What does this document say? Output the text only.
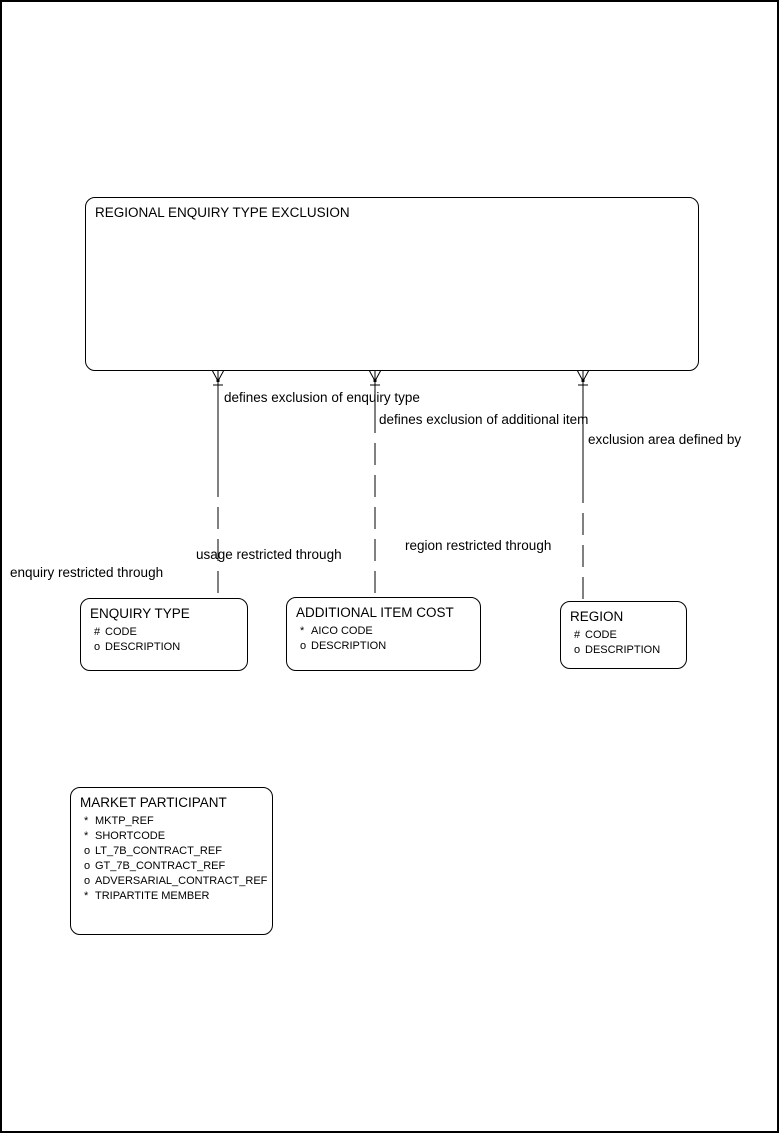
REGIONAL ENQUIRY TYPE EXCLUSION
ENQUIRY TYPE
# CODE
o DESCRIPTION
ADDITIONAL ITEM COST
* AICO CODE
o DESCRIPTION
REGION
# CODE
o DESCRIPTION
MARKET PARTICIPANT
* MKTP_REF
* SHORTCODE
o LT_7B_CONTRACT_REF
o GT_7B_CONTRACT_REF
o ADVERSARIAL_CONTRACT_REF
* TRIPARTITE MEMBER
defines exclusion of enquiry type
defines exclusion of additional item
exclusion area defined by
enquiry restricted through
usage restricted through
region restricted through
